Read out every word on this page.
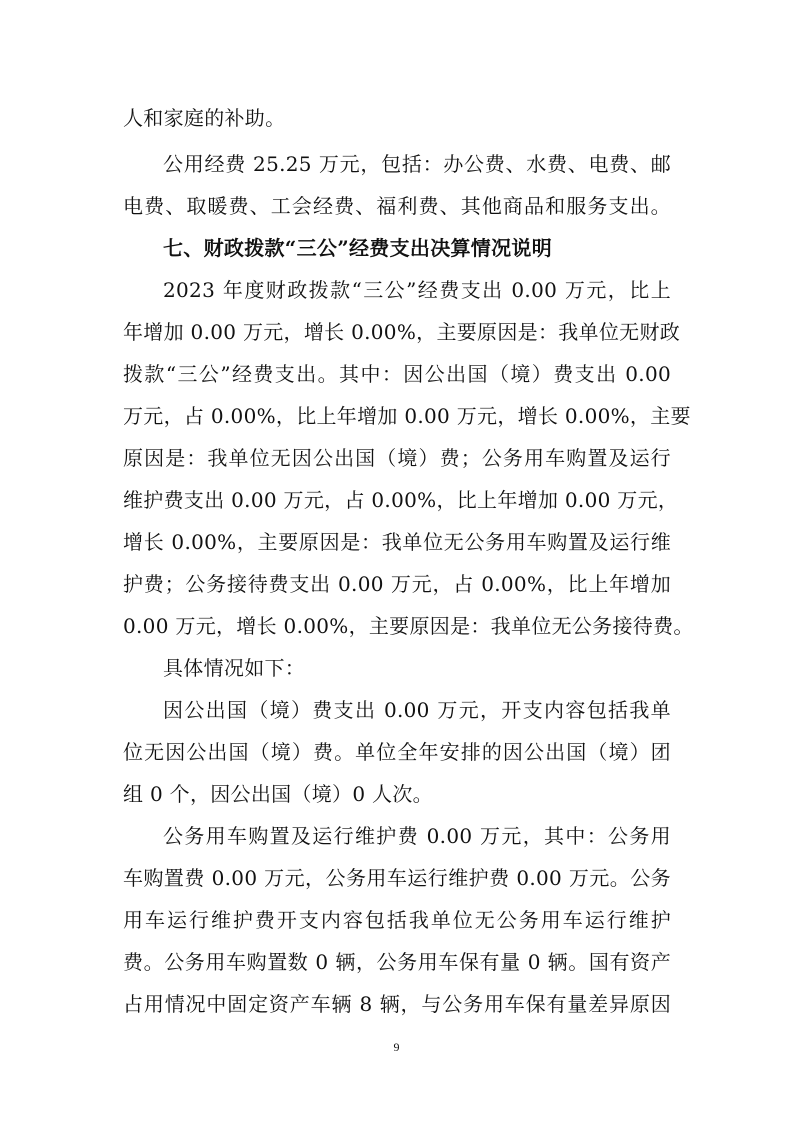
人和家庭的补助。
公用经费 25.25 万元，包括：办公费、水费、电费、邮
电费、取暖费、工会经费、福利费、其他商品和服务支出。
七、财政拨款“三公”经费支出决算情况说明
2023 年度财政拨款“三公”经费支出 0.00 万元，比上
年增加 0.00 万元，增长 0.00%，主要原因是：我单位无财政
拨款“三公”经费支出。其中：因公出国（境）费支出 0.00
万元，占 0.00%，比上年增加 0.00 万元，增长 0.00%，主要
原因是：我单位无因公出国（境）费；公务用车购置及运行
维护费支出 0.00 万元，占 0.00%，比上年增加 0.00 万元，
增长 0.00%，主要原因是：我单位无公务用车购置及运行维
护费；公务接待费支出 0.00 万元，占 0.00%，比上年增加
0.00 万元，增长 0.00%，主要原因是：我单位无公务接待费。
具体情况如下：
因公出国（境）费支出 0.00 万元，开支内容包括我单
位无因公出国（境）费。单位全年安排的因公出国（境）团
组 0 个，因公出国（境）0 人次。
公务用车购置及运行维护费 0.00 万元，其中：公务用
车购置费 0.00 万元，公务用车运行维护费 0.00 万元。公务
用车运行维护费开支内容包括我单位无公务用车运行维护
费。公务用车购置数 0 辆，公务用车保有量 0 辆。国有资产
占用情况中固定资产车辆 8 辆，与公务用车保有量差异原因
9
